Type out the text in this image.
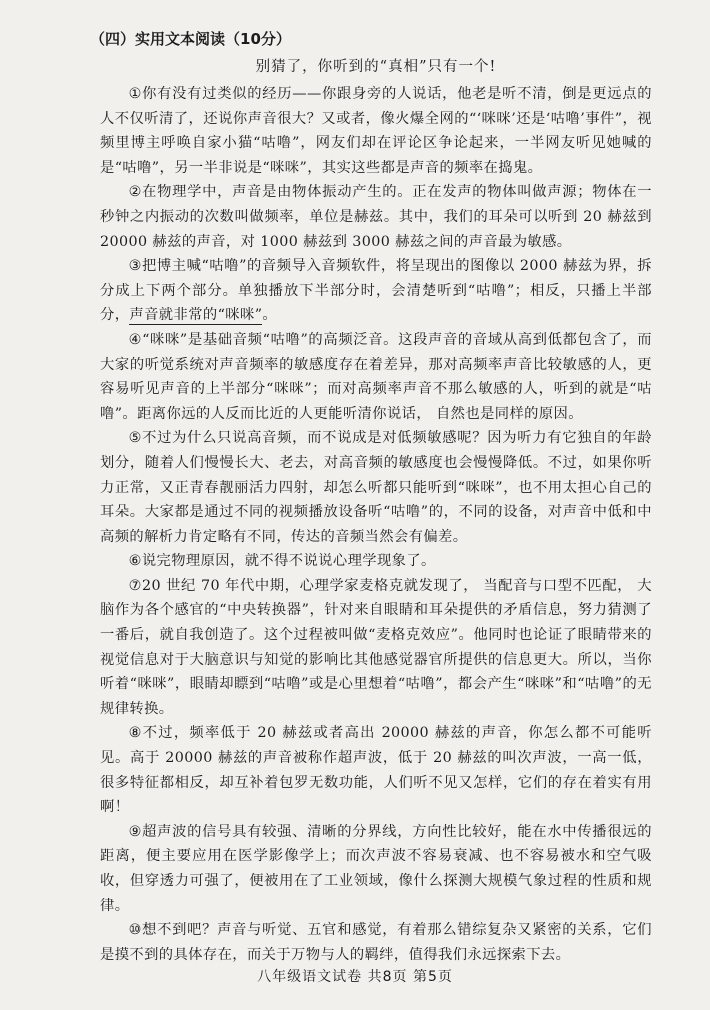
（四）实用文本阅读（10分）
别猜了，你听到的“真相”只有一个!

①你有没有过类似的经历——你跟身旁的人说话，他老是听不清，倒是更远点的人不仅听清了，还说你声音很大？又或者，像火爆全网的“‘咪咪’还是‘咕噜’事件”，视频里博主呼唤自家小猫“咕噜”，网友们却在评论区争论起来，一半网友听见她喊的是“咕噜”，另一半非说是“咪咪”，其实这些都是声音的频率在捣鬼。

②在物理学中，声音是由物体振动产生的。正在发声的物体叫做声源；物体在一秒钟之内振动的次数叫做频率，单位是赫兹。其中，我们的耳朵可以听到 20 赫兹到 20000 赫兹的声音，对 1000 赫兹到 3000 赫兹之间的声音最为敏感。

③把博主喊“咕噜”的音频导入音频软件，将呈现出的图像以 2000 赫兹为界，拆分成上下两个部分。单独播放下半部分时，会清楚听到“咕噜”；相反，只播上半部分，声音就非常的“咪咪”。

④“咪咪”是基础音频“咕噜”的高频泛音。这段声音的音域从高到低都包含了，而大家的听觉系统对声音频率的敏感度存在着差异，那对高频率声音比较敏感的人，更容易听见声音的上半部分“咪咪”；而对高频率声音不那么敏感的人，听到的就是“咕噜”。距离你远的人反而比近的人更能听清你说话， 自然也是同样的原因。

⑤不过为什么只说高音频，而不说成是对低频敏感呢？因为听力有它独自的年龄划分，随着人们慢慢长大、老去，对高音频的敏感度也会慢慢降低。不过，如果你听力正常，又正青春靓丽活力四射，却怎么听都只能听到“咪咪”，也不用太担心自己的耳朵。大家都是通过不同的视频播放设备听“咕噜”的，不同的设备，对声音中低和中高频的解析力肯定略有不同，传达的音频当然会有偏差。

⑥说完物理原因，就不得不说说心理学现象了。

⑦20 世纪 70 年代中期，心理学家麦格克就发现了， 当配音与口型不匹配， 大脑作为各个感官的“中央转换器”，针对来自眼睛和耳朵提供的矛盾信息，努力猜测了一番后，就自我创造了。这个过程被叫做“麦格克效应”。他同时也论证了眼睛带来的视觉信息对于大脑意识与知觉的影响比其他感觉器官所提供的信息更大。所以，当你听着“咪咪”，眼睛却瞟到“咕噜”或是心里想着“咕噜”，都会产生“咪咪”和“咕噜”的无规律转换。

⑧不过，频率低于 20 赫兹或者高出 20000 赫兹的声音，你怎么都不可能听见。高于 20000 赫兹的声音被称作超声波，低于 20 赫兹的叫次声波，一高一低，很多特征都相反，却互补着包罗无数功能，人们听不见又怎样，它们的存在着实有用啊！

⑨超声波的信号具有较强、清晰的分界线，方向性比较好，能在水中传播很远的距离，便主要应用在医学影像学上；而次声波不容易衰减、也不容易被水和空气吸收，但穿透力可强了，便被用在了工业领域，像什么探测大规模气象过程的性质和规律。

⑩想不到吧？声音与听觉、五官和感觉，有着那么错综复杂又紧密的关系，它们是摸不到的具体存在，而关于万物与人的羁绊，值得我们永远探索下去。

八年级语文试卷 共8页 第5页
